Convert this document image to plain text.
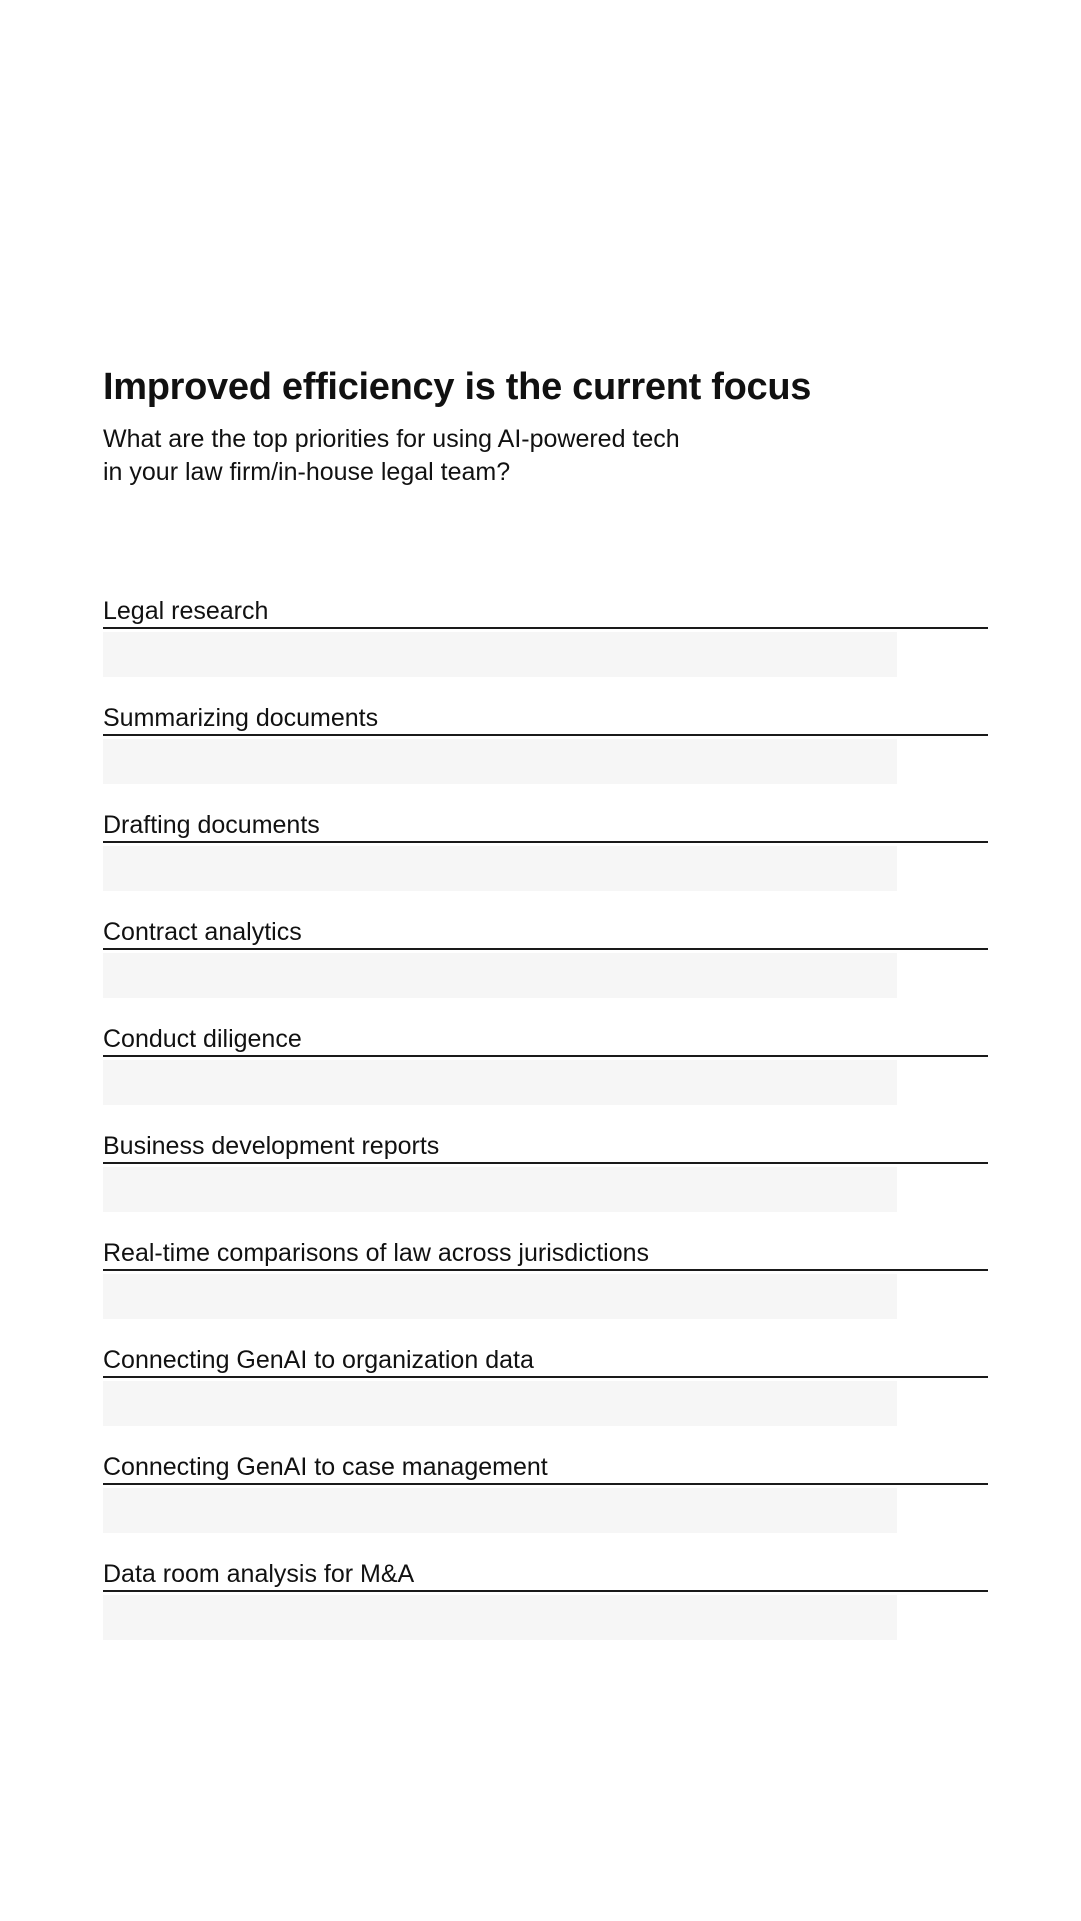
Improved efficiency is the current focus
What are the top priorities for using AI-powered tech
in your law firm/in-house legal team?
Legal research
Summarizing documents
Drafting documents
Contract analytics
Conduct diligence
Business development reports
Real-time comparisons of law across jurisdictions
Connecting GenAI to organization data
Connecting GenAI to case management
Data room analysis for M&A
